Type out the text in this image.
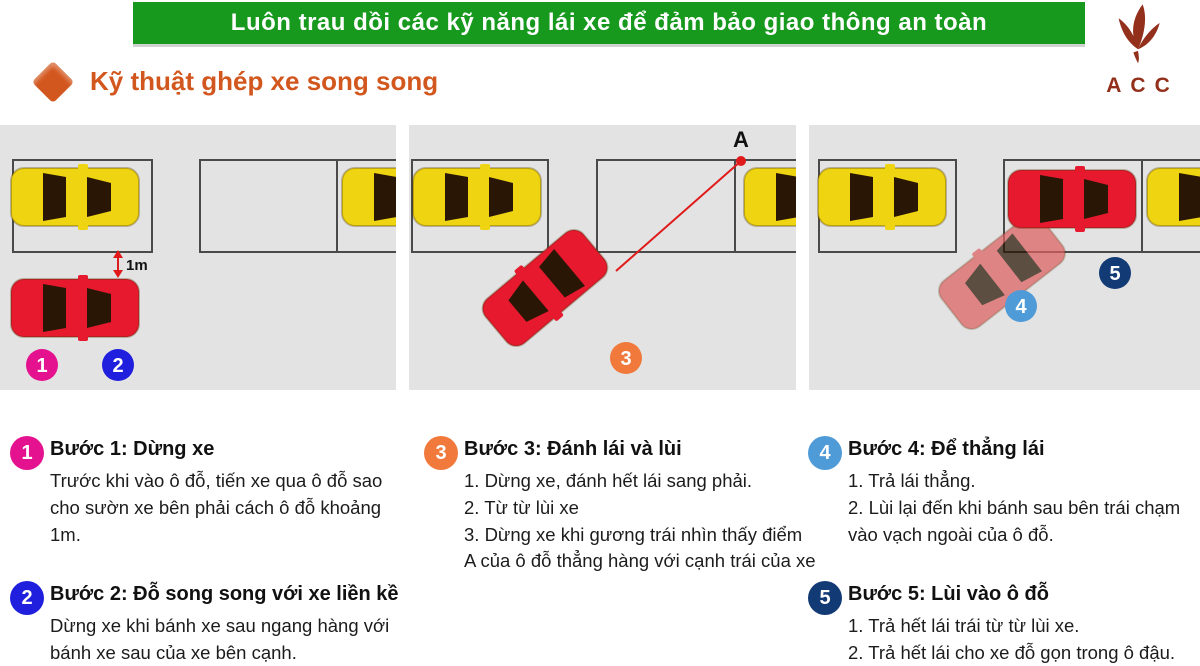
Luôn trau dồi các kỹ năng lái xe để đảm bảo giao thông an toàn
ACC
Kỹ thuật ghép xe song song
1m
1	2
A
3
4
5
1 Bước 1: Dừng xe

Trước khi vào ô đỗ, tiến xe qua ô đỗ sao cho sườn xe bên phải cách ô đỗ khoảng 1m.

2 Bước 2: Đỗ song song với xe liền kề

Dừng xe khi bánh xe sau ngang hàng với bánh xe sau của xe bên cạnh.

3 Bước 3: Đánh lái và lùi

1. Dừng xe, đánh hết lái sang phải.

2. Từ từ lùi xe

3. Dừng xe khi gương trái nhìn thấy điểm A của ô đỗ thẳng hàng với cạnh trái của xe

4 Bước 4: Để thẳng lái

1. Trả lái thẳng.

2. Lùi lại đến khi bánh sau bên trái chạm vào vạch ngoài của ô đỗ.

5 Bước 5: Lùi vào ô đỗ

1. Trả hết lái trái từ từ lùi xe.

2. Trả hết lái cho xe đỗ gọn trong ô đậu.
